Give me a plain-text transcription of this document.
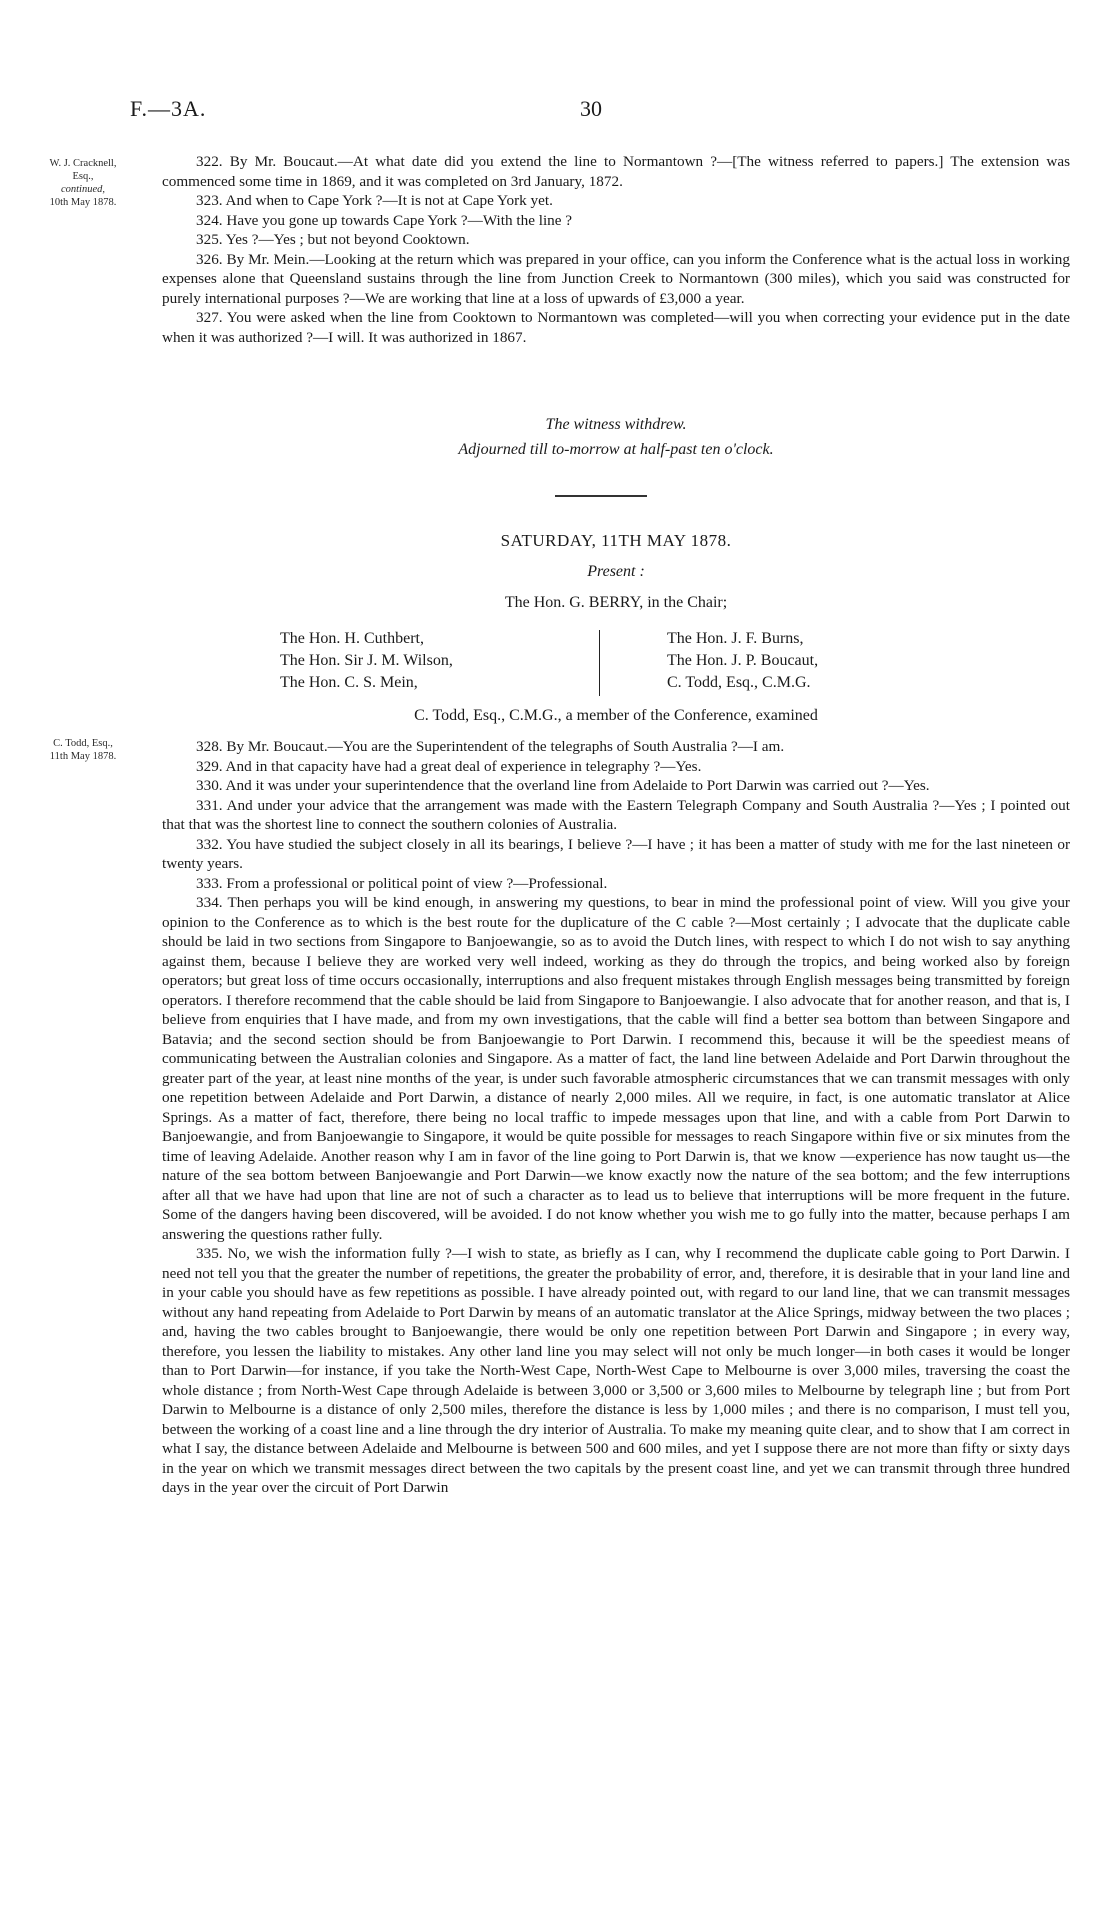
F.—3A.	30
W. J. Cracknell,
Esq.,
continued,
10th May 1878.

322. By Mr. Boucaut.—At what date did you extend the line to Normantown ?—[The witness referred to papers.] The extension was commenced some time in 1869, and it was completed on 3rd January, 1872.

323. And when to Cape York ?—It is not at Cape York yet.

324. Have you gone up towards Cape York ?—With the line ?

325. Yes ?—Yes ; but not beyond Cooktown.

326. By Mr. Mein.—Looking at the return which was prepared in your office, can you inform the Conference what is the actual loss in working expenses alone that Queensland sustains through the line from Junction Creek to Normantown (300 miles), which you said was constructed for purely international purposes ?—We are working that line at a loss of upwards of £3,000 a year.

327. You were asked when the line from Cooktown to Normantown was completed—will you when correcting your evidence put in the date when it was authorized ?—I will. It was authorized in 1867.

The witness withdrew.
Adjourned till to-morrow at half-past ten o'clock.
SATURDAY, 11TH MAY 1878.
Present :
The Hon. G. BERRY, in the Chair;
The Hon. H. Cuthbert,
The Hon. Sir J. M. Wilson,
The Hon. C. S. Mein,
The Hon. J. F. Burns,
The Hon. J. P. Boucaut,
C. Todd, Esq., C.M.G.
C. Todd, Esq., C.M.G., a member of the Conference, examined
C. Todd, Esq.,
11th May 1878.

328. By Mr. Boucaut.—You are the Superintendent of the telegraphs of South Australia ?—I am.

329. And in that capacity have had a great deal of experience in telegraphy ?—Yes.

330. And it was under your superintendence that the overland line from Adelaide to Port Darwin was carried out ?—Yes.

331. And under your advice that the arrangement was made with the Eastern Telegraph Company and South Australia ?—Yes ; I pointed out that that was the shortest line to connect the southern colonies of Australia.

332. You have studied the subject closely in all its bearings, I believe ?—I have ; it has been a matter of study with me for the last nineteen or twenty years.

333. From a professional or political point of view ?—Professional.

334. Then perhaps you will be kind enough, in answering my questions, to bear in mind the professional point of view. Will you give your opinion to the Conference as to which is the best route for the duplicature of the C cable ?—Most certainly ; I advocate that the duplicate cable should be laid in two sections from Singapore to Banjoewangie, so as to avoid the Dutch lines, with respect to which I do not wish to say anything against them, because I believe they are worked very well indeed, working as they do through the tropics, and being worked also by foreign operators; but great loss of time occurs occasionally, interruptions and also frequent mistakes through English messages being transmitted by foreign operators. I therefore recommend that the cable should be laid from Singapore to Banjoewangie. I also advocate that for another reason, and that is, I believe from enquiries that I have made, and from my own investigations, that the cable will find a better sea bottom than between Singapore and Batavia; and the second section should be from Banjoewangie to Port Darwin. I recommend this, because it will be the speediest means of communicating between the Australian colonies and Singapore. As a matter of fact, the land line between Adelaide and Port Darwin throughout the greater part of the year, at least nine months of the year, is under such favorable atmospheric circumstances that we can transmit messages with only one repetition between Adelaide and Port Darwin, a distance of nearly 2,000 miles. All we require, in fact, is one automatic translator at Alice Springs. As a matter of fact, therefore, there being no local traffic to impede messages upon that line, and with a cable from Port Darwin to Banjoewangie, and from Banjoewangie to Singapore, it would be quite possible for messages to reach Singapore within five or six minutes from the time of leaving Adelaide. Another reason why I am in favor of the line going to Port Darwin is, that we know —experience has now taught us—the nature of the sea bottom between Banjoewangie and Port Darwin—we know exactly now the nature of the sea bottom; and the few interruptions after all that we have had upon that line are not of such a character as to lead us to believe that interruptions will be more frequent in the future. Some of the dangers having been discovered, will be avoided. I do not know whether you wish me to go fully into the matter, because perhaps I am answering the questions rather fully.

335. No, we wish the information fully ?—I wish to state, as briefly as I can, why I recommend the duplicate cable going to Port Darwin. I need not tell you that the greater the number of repetitions, the greater the probability of error, and, therefore, it is desirable that in your land line and in your cable you should have as few repetitions as possible. I have already pointed out, with regard to our land line, that we can transmit messages without any hand repeating from Adelaide to Port Darwin by means of an automatic translator at the Alice Springs, midway between the two places ; and, having the two cables brought to Banjoewangie, there would be only one repetition between Port Darwin and Singapore ; in every way, therefore, you lessen the liability to mistakes. Any other land line you may select will not only be much longer—in both cases it would be longer than to Port Darwin—for instance, if you take the North-West Cape, North-West Cape to Melbourne is over 3,000 miles, traversing the coast the whole distance ; from North-West Cape through Adelaide is between 3,000 or 3,500 or 3,600 miles to Melbourne by telegraph line ; but from Port Darwin to Melbourne is a distance of only 2,500 miles, therefore the distance is less by 1,000 miles ; and there is no comparison, I must tell you, between the working of a coast line and a line through the dry interior of Australia. To make my meaning quite clear, and to show that I am correct in what I say, the distance between Adelaide and Melbourne is between 500 and 600 miles, and yet I suppose there are not more than fifty or sixty days in the year on which we transmit messages direct between the two capitals by the present coast line, and yet we can transmit through three hundred days in the year over the circuit of Port Darwin
